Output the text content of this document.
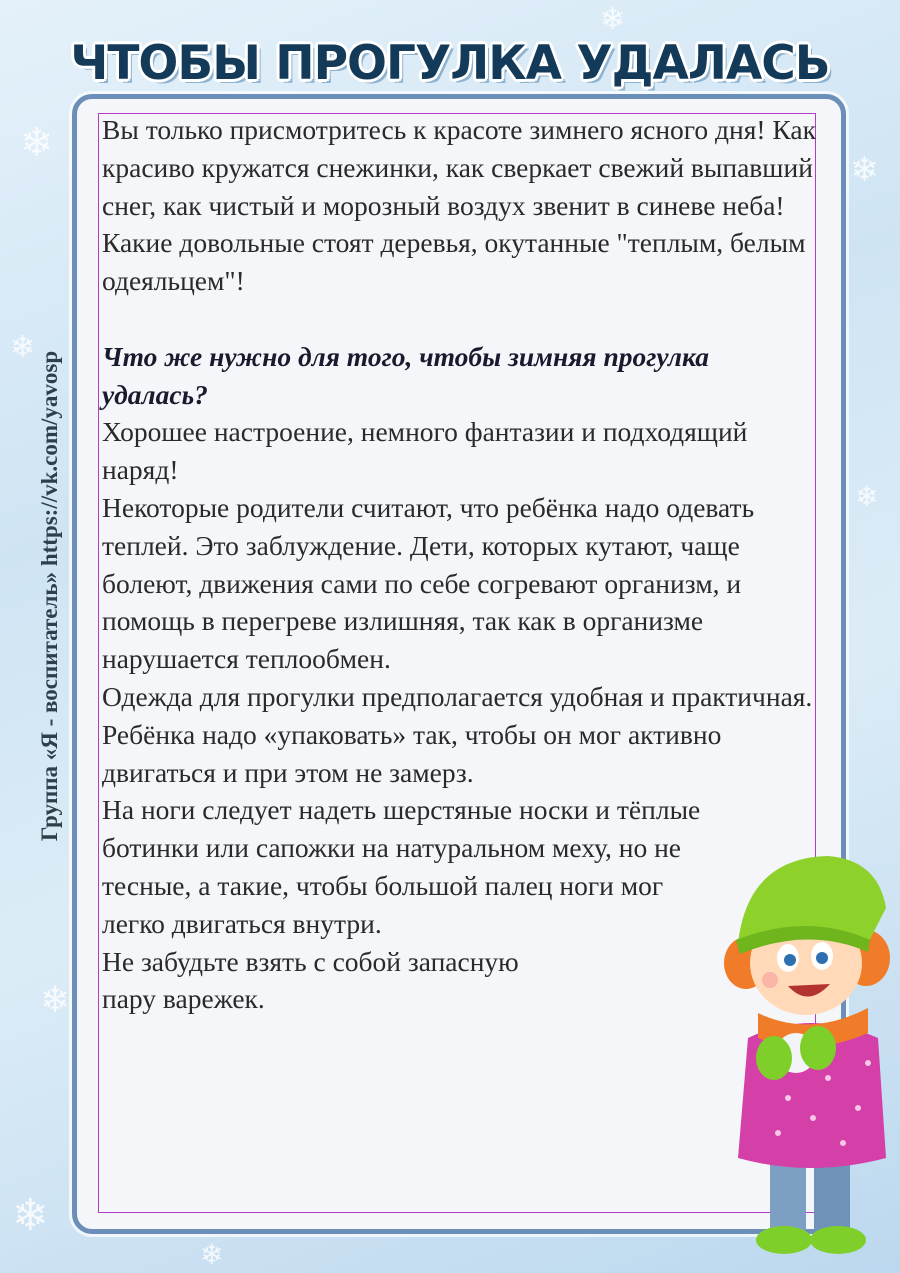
❄
❄
❄
❄
❄
❄
❄
❄
ЧТОБЫ ПРОГУЛКА УДАЛАСЬ
Группа «Я - воспитатель» https://vk.com/yavosp

Вы только присмотритесь к красоте зимнего ясного дня! Как красиво кружатся снежинки, как сверкает свежий выпавший снег, как чистый и морозный воздух звенит в синеве неба! Какие довольные стоят деревья, окутанные "теплым, белым одеяльцем"!

Что же нужно для того, чтобы зимняя прогулка удалась?

Хорошее настроение, немного фантазии и подходящий наряд!

Некоторые родители считают, что ребёнка надо одевать теплей. Это заблуждение. Дети, которых кутают, чаще болеют, движения сами по себе согревают организм, и помощь в перегреве излишняя, так как в организме нарушается теплообмен.

Одежда для прогулки предполагается удобная и практичная. Ребёнка надо «упаковать» так, чтобы он мог активно двигаться и при этом не замерз.

На ноги следует надеть шерстяные носки и тёплые ботинки или сапожки на натуральном меху, но не тесные, а такие, чтобы большой палец ноги мог легко двигаться внутри.

Не забудьте взять с собой запасную пару варежек.
